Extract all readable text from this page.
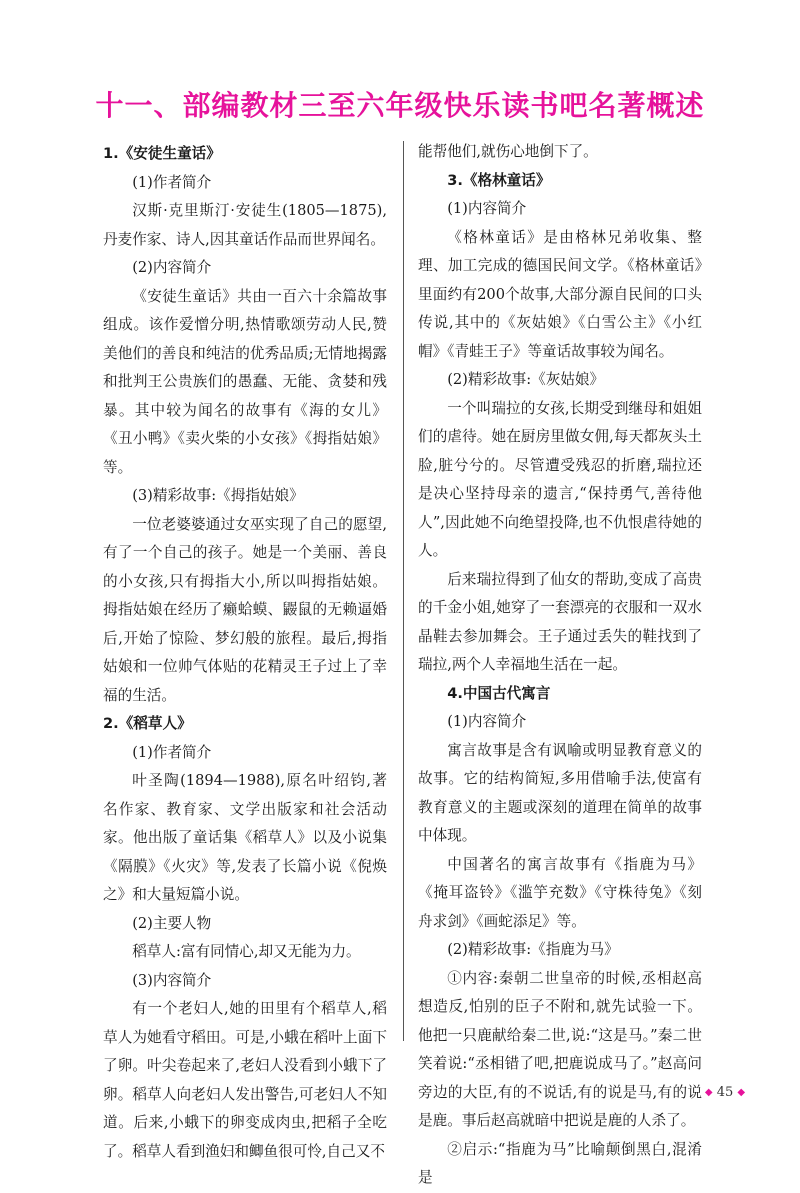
十一、部编教材三至六年级快乐读书吧名著概述
1.《安徒生童话》

(1)作者简介

汉斯·克里斯汀·安徒生(1805—1875),丹麦作家、诗人,因其童话作品而世界闻名。

(2)内容简介

《安徒生童话》共由一百六十余篇故事组成。该作爱憎分明,热情歌颂劳动人民,赞美他们的善良和纯洁的优秀品质;无情地揭露和批判王公贵族们的愚蠢、无能、贪婪和残暴。其中较为闻名的故事有《海的女儿》《丑小鸭》《卖火柴的小女孩》《拇指姑娘》等。

(3)精彩故事:《拇指姑娘》

一位老婆婆通过女巫实现了自己的愿望,有了一个自己的孩子。她是一个美丽、善良的小女孩,只有拇指大小,所以叫拇指姑娘。拇指姑娘在经历了癞蛤蟆、鼹鼠的无赖逼婚后,开始了惊险、梦幻般的旅程。最后,拇指姑娘和一位帅气体贴的花精灵王子过上了幸福的生活。

2.《稻草人》

(1)作者简介

叶圣陶(1894—1988),原名叶绍钧,著名作家、教育家、文学出版家和社会活动家。他出版了童话集《稻草人》以及小说集《隔膜》《火灾》等,发表了长篇小说《倪焕之》和大量短篇小说。

(2)主要人物

稻草人:富有同情心,却又无能为力。

(3)内容简介

有一个老妇人,她的田里有个稻草人,稻草人为她看守稻田。可是,小蛾在稻叶上面下了卵。叶尖卷起来了,老妇人没看到小蛾下了卵。稻草人向老妇人发出警告,可老妇人不知道。后来,小蛾下的卵变成肉虫,把稻子全吃了。稻草人看到渔妇和鲫鱼很可怜,自己又不

能帮他们,就伤心地倒下了。

3.《格林童话》

(1)内容简介

《格林童话》是由格林兄弟收集、整理、加工完成的德国民间文学。《格林童话》里面约有200个故事,大部分源自民间的口头传说,其中的《灰姑娘》《白雪公主》《小红帽》《青蛙王子》等童话故事较为闻名。

(2)精彩故事:《灰姑娘》

一个叫瑞拉的女孩,长期受到继母和姐姐们的虐待。她在厨房里做女佣,每天都灰头土脸,脏兮兮的。尽管遭受残忍的折磨,瑞拉还是决心坚持母亲的遗言,“保持勇气,善待他人”,因此她不向绝望投降,也不仇恨虐待她的人。

后来瑞拉得到了仙女的帮助,变成了高贵的千金小姐,她穿了一套漂亮的衣服和一双水晶鞋去参加舞会。王子通过丢失的鞋找到了瑞拉,两个人幸福地生活在一起。

4.中国古代寓言

(1)内容简介

寓言故事是含有讽喻或明显教育意义的故事。它的结构简短,多用借喻手法,使富有教育意义的主题或深刻的道理在简单的故事中体现。

中国著名的寓言故事有《指鹿为马》《掩耳盗铃》《滥竽充数》《守株待兔》《刻舟求剑》《画蛇添足》等。

(2)精彩故事:《指鹿为马》

①内容:秦朝二世皇帝的时候,丞相赵高想造反,怕别的臣子不附和,就先试验一下。他把一只鹿献给秦二世,说:“这是马。”秦二世笑着说:“丞相错了吧,把鹿说成马了。”赵高问旁边的大臣,有的不说话,有的说是马,有的说是鹿。事后赵高就暗中把说是鹿的人杀了。

②启示:“指鹿为马”比喻颠倒黑白,混淆是

◆ 45 ◆
